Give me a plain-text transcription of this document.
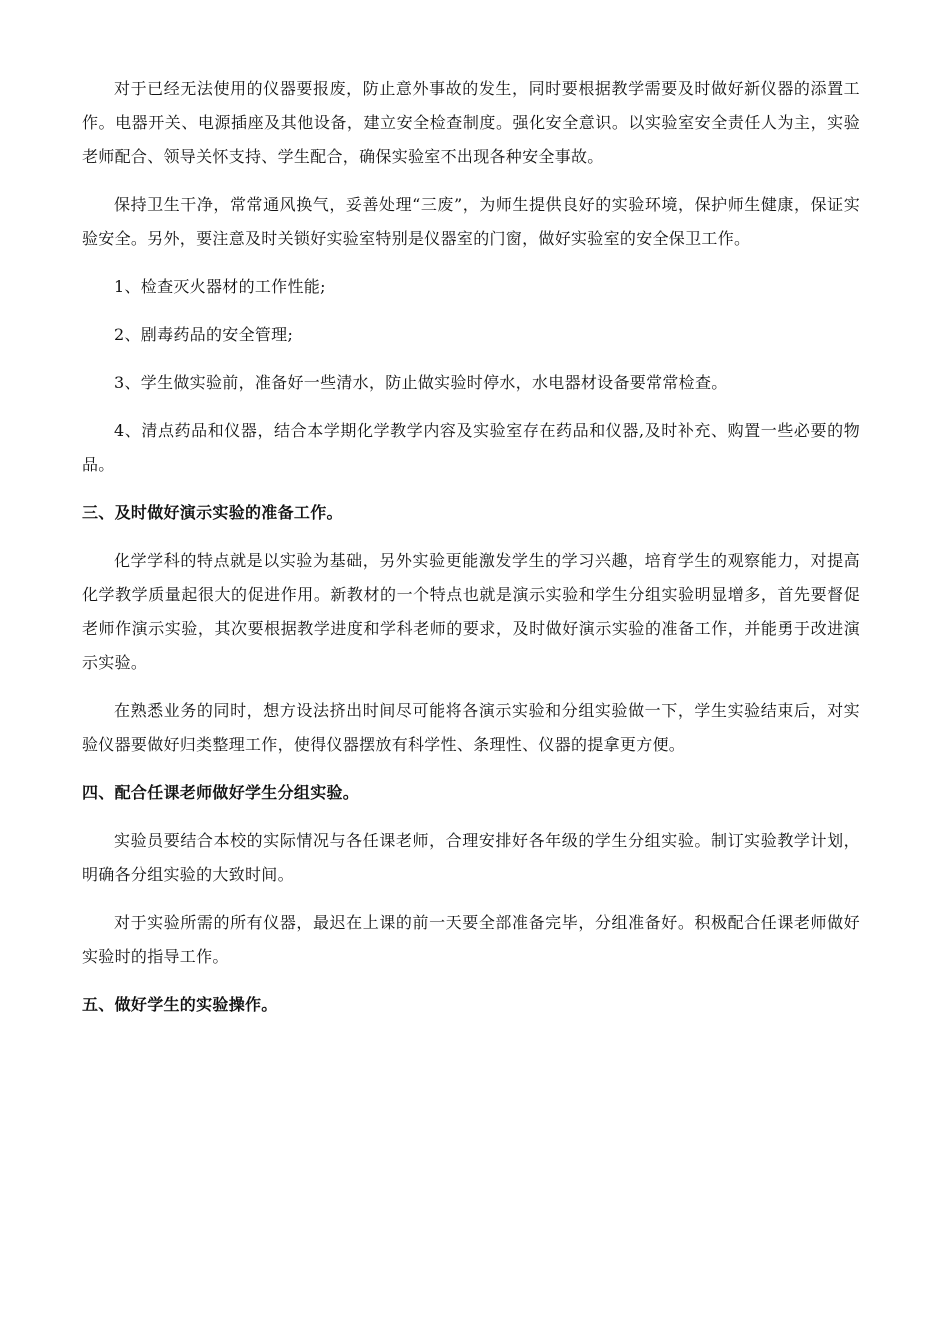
对于已经无法使用的仪器要报废，防止意外事故的发生，同时要根据教学需要及时做好新仪器的添置工作。电器开关、电源插座及其他设备，建立安全检查制度。强化安全意识。以实验室安全责任人为主，实验老师配合、领导关怀支持、学生配合，确保实验室不出现各种安全事故。

保持卫生干净，常常通风换气，妥善处理“三废”，为师生提供良好的实验环境，保护师生健康，保证实验安全。另外，要注意及时关锁好实验室特别是仪器室的门窗，做好实验室的安全保卫工作。

1、检查灭火器材的工作性能;

2、剧毒药品的安全管理;

3、学生做实验前，准备好一些清水，防止做实验时停水，水电器材设备要常常检查。

4、清点药品和仪器，结合本学期化学教学内容及实验室存在药品和仪器,及时补充、购置一些必要的物品。

三、及时做好演示实验的准备工作。

化学学科的特点就是以实验为基础，另外实验更能激发学生的学习兴趣，培育学生的观察能力，对提高化学教学质量起很大的促进作用。新教材的一个特点也就是演示实验和学生分组实验明显增多，首先要督促老师作演示实验，其次要根据教学进度和学科老师的要求，及时做好演示实验的准备工作，并能勇于改进演示实验。

在熟悉业务的同时，想方设法挤出时间尽可能将各演示实验和分组实验做一下，学生实验结束后，对实验仪器要做好归类整理工作，使得仪器摆放有科学性、条理性、仪器的提拿更方便。

四、配合任课老师做好学生分组实验。

实验员要结合本校的实际情况与各任课老师，合理安排好各年级的学生分组实验。制订实验教学计划，明确各分组实验的大致时间。

对于实验所需的所有仪器，最迟在上课的前一天要全部准备完毕，分组准备好。积极配合任课老师做好实验时的指导工作。

五、做好学生的实验操作。
